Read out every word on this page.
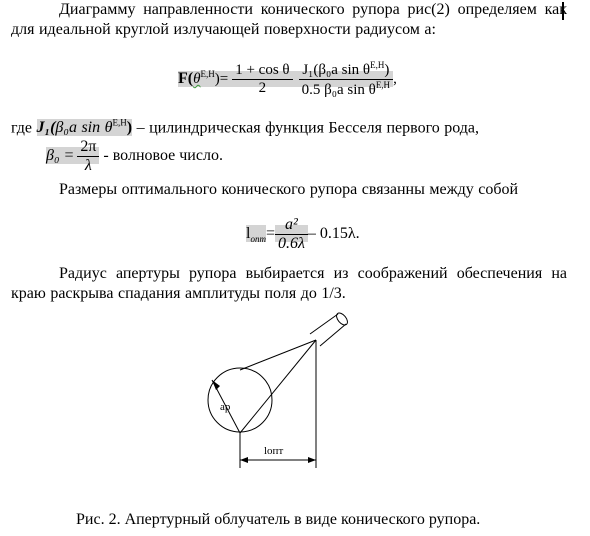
Диаграмму направленности конического рупора рис(2) определяем как для идеальной круглой излучающей поверхности радиусом a:
$F(\theta^{E,H})= \frac{\text{1 + cos θ}}{2} \frac{J_1(\beta_0a \sin \theta^{E,H})}{0.5 \beta_0a \sin \theta^{E,H}}$ ,
где J₁(β₀a $\sin \theta^{E,H}$) – цилиндрическая функция Бесселя первого рода,
$\beta_0 = \frac{2\pi}{\lambda}$ - волновое число.
Размеры оптимального конического рупора связанны между собой
$l_{опт}= \frac{\text{a²}}{0.6\lambda} - 0.15\lambda$.
Радиус апертуры рупора выбирается из соображений обеспечения на краю раскрыва спадания амплитуды поля до 1/3.
ap
lопт
Рис. 2. Апертурный облучатель в виде конического рупора.
